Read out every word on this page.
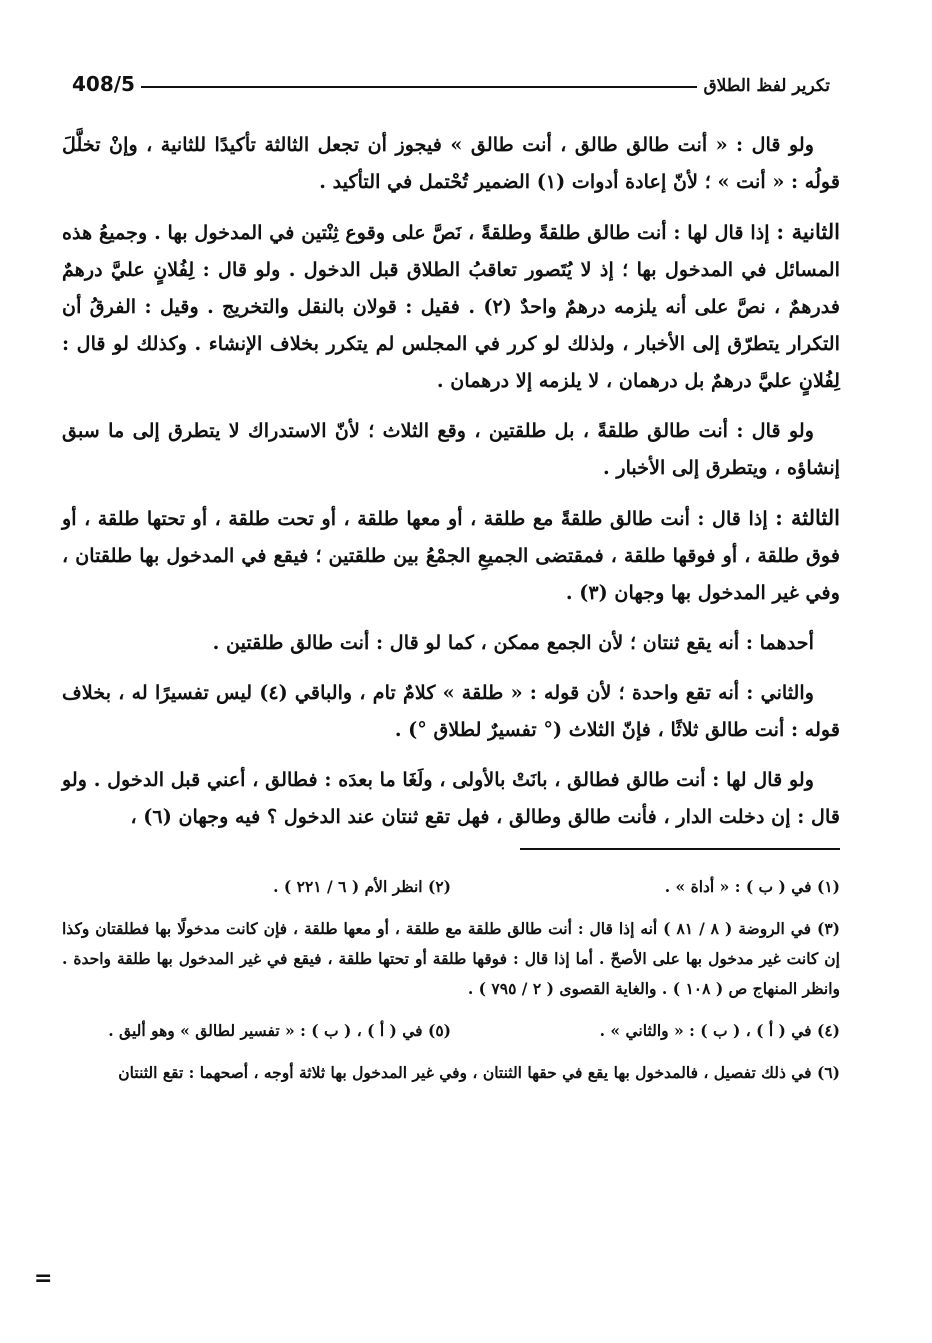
تكرير لفظ الطلاق
408/5

ولو قال : « أنت طالق طالق ، أنت طالق » فيجوز أن تجعل الثالثة تأكيدًا للثانية ، وإنْ تخلَّلَ قولُه : « أنت » ؛ لأنّ إعادة أدوات (١) الضمير تُحْتمل في التأكيد .

الثانية : إذا قال لها : أنت طالق طلقةً وطلقةً ، نَصَّ على وقوع ثِنْتين في المدخول بها . وجميعُ هذه المسائل في المدخول بها ؛ إذ لا يُتَصور تعاقبُ الطلاق قبل الدخول . ولو قال : لِفُلانٍ عليَّ درهمٌ فدرهمٌ ، نصَّ على أنه يلزمه درهمٌ واحدٌ (٢) . فقيل : قولان بالنقل والتخريج . وقيل : الفرقُ أن التكرار يتطرّق إلى الأخبار ، ولذلك لو كرر في المجلس لم يتكرر بخلاف الإنشاء . وكذلك لو قال : لِفُلانٍ عليَّ درهمٌ بل درهمان ، لا يلزمه إلا درهمان .

ولو قال : أنت طالق طلقةً ، بل طلقتين ، وقع الثلاث ؛ لأنّ الاستدراك لا يتطرق إلى ما سبق إنشاؤه ، ويتطرق إلى الأخبار .

الثالثة : إذا قال : أنت طالق طلقةً مع طلقة ، أو معها طلقة ، أو تحت طلقة ، أو تحتها طلقة ، أو فوق طلقة ، أو فوقها طلقة ، فمقتضى الجميعِ الجمْعُ بين طلقتين ؛ فيقع في المدخول بها طلقتان ، وفي غير المدخول بها وجهان (٣) .

أحدهما : أنه يقع ثنتان ؛ لأن الجمع ممكن ، كما لو قال : أنت طالق طلقتين .

والثاني : أنه تقع واحدة ؛ لأن قوله : « طلقة » كلامٌ تام ، والباقي (٤) ليس تفسيرًا له ، بخلاف قوله : أنت طالق ثلاثًا ، فإنّ الثلاث (° تفسيرٌ لطلاق °) .

ولو قال لها : أنت طالق فطالق ، بانَتْ بالأولى ، ولَغَا ما بعدَه : فطالق ، أعني قبل الدخول . ولو قال : إن دخلت الدار ، فأنت طالق وطالق ، فهل تقع ثنتان عند الدخول ؟ فيه وجهان (٦) ،

(١) في ( ب ) : « أداة » .
(٢) انظر الأم ( ٦ / ٢٢١ ) .

(٣) في الروضة ( ٨ / ٨١ ) أنه إذا قال : أنت طالق طلقة مع طلقة ، أو معها طلقة ، فإن كانت مدخولًا بها فطلقتان وكذا إن كانت غير مدخول بها على الأصحّ . أما إذا قال : فوقها طلقة أو تحتها طلقة ، فيقع في غير المدخول بها طلقة واحدة . وانظر المنهاج ص ( ١٠٨ ) . والغاية القصوى ( ٢ / ٧٩٥ ) .

(٤) في ( أ ) ، ( ب ) : « والثاني » .
(٥) في ( أ ) ، ( ب ) : « تفسير لطالق » وهو أليق .

(٦) في ذلك تفصيل ، فالمدخول بها يقع في حقها الثنتان ، وفي غير المدخول بها ثلاثة أوجه ، أصحهما : تقع الثنتان

=
